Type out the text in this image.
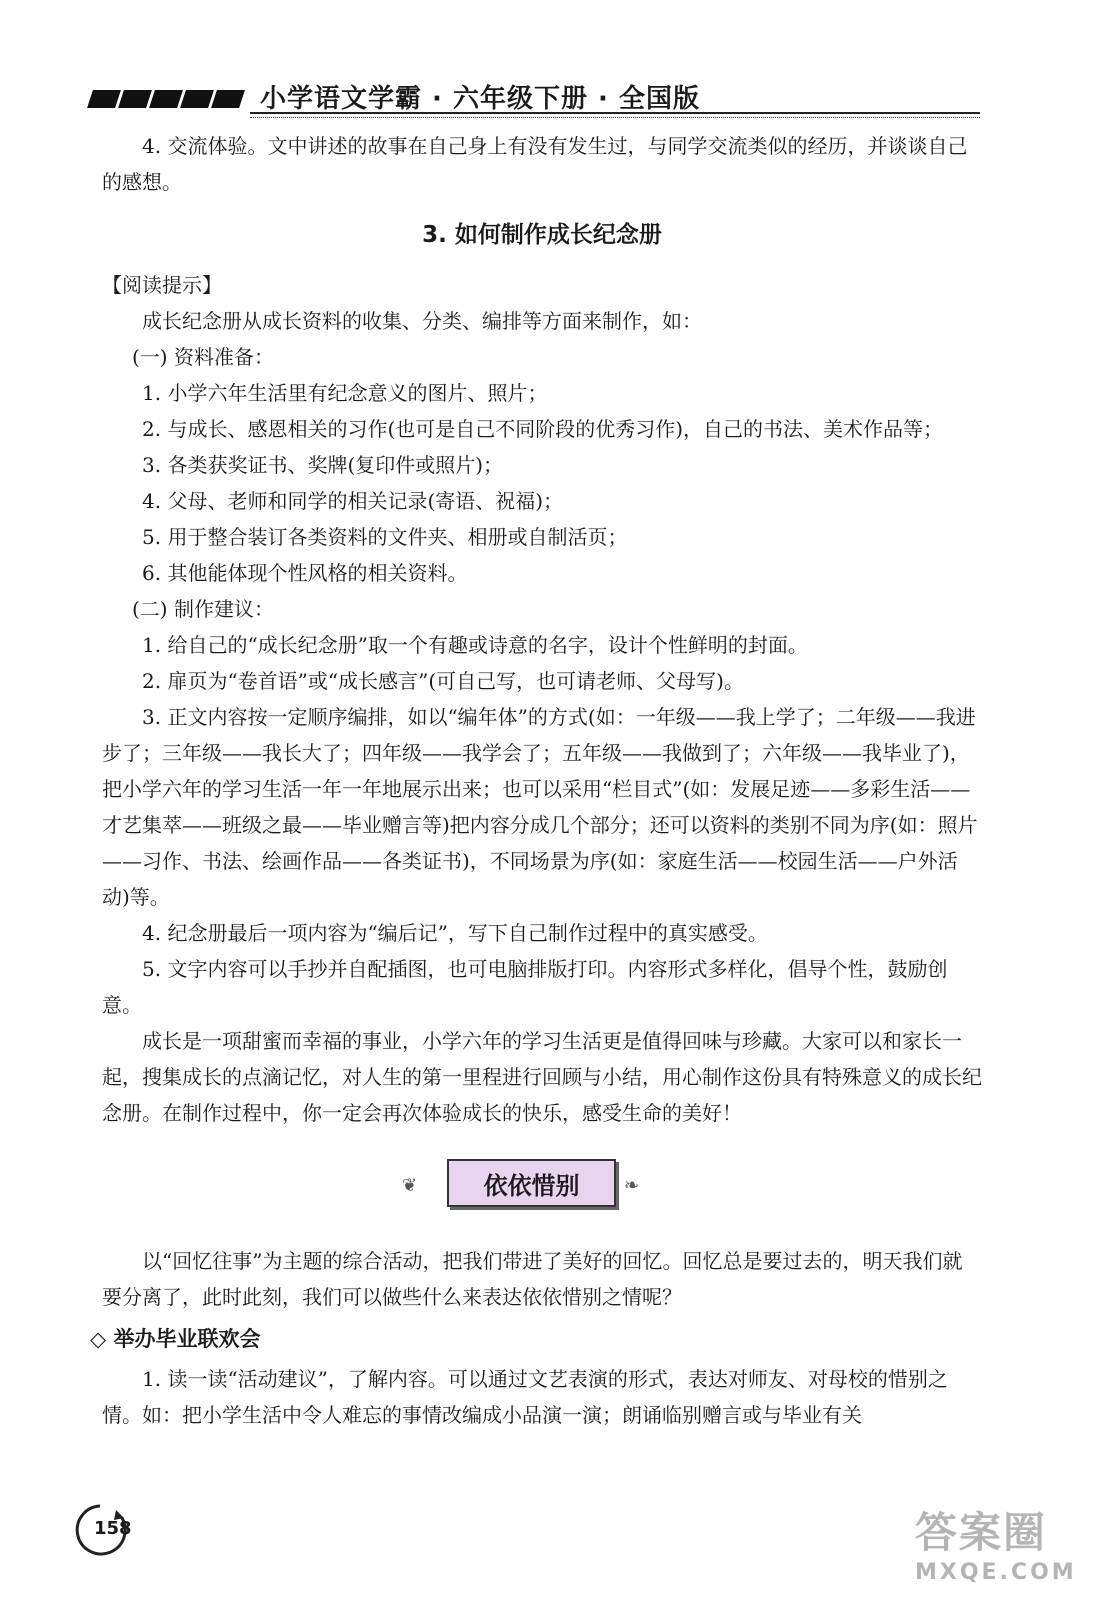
小学语文学霸 · 六年级下册 · 全国版

4. 交流体验。文中讲述的故事在自己身上有没有发生过，与同学交流类似的经历，并谈谈自己的感想。

3. 如何制作成长纪念册

【阅读提示】

成长纪念册从成长资料的收集、分类、编排等方面来制作，如：

(一) 资料准备：

1. 小学六年生活里有纪念意义的图片、照片；

2. 与成长、感恩相关的习作(也可是自己不同阶段的优秀习作)，自己的书法、美术作品等；

3. 各类获奖证书、奖牌(复印件或照片)；

4. 父母、老师和同学的相关记录(寄语、祝福)；

5. 用于整合装订各类资料的文件夹、相册或自制活页；

6. 其他能体现个性风格的相关资料。

(二) 制作建议：

1. 给自己的“成长纪念册”取一个有趣或诗意的名字，设计个性鲜明的封面。

2. 扉页为“卷首语”或“成长感言”(可自己写，也可请老师、父母写)。

3. 正文内容按一定顺序编排，如以“编年体”的方式(如：一年级——我上学了；二年级——我进步了；三年级——我长大了；四年级——我学会了；五年级——我做到了；六年级——我毕业了)，把小学六年的学习生活一年一年地展示出来；也可以采用“栏目式”(如：发展足迹——多彩生活——才艺集萃——班级之最——毕业赠言等)把内容分成几个部分；还可以资料的类别不同为序(如：照片——习作、书法、绘画作品——各类证书)，不同场景为序(如：家庭生活——校园生活——户外活动)等。

4. 纪念册最后一项内容为“编后记”，写下自己制作过程中的真实感受。

5. 文字内容可以手抄并自配插图，也可电脑排版打印。内容形式多样化，倡导个性，鼓励创意。

成长是一项甜蜜而幸福的事业，小学六年的学习生活更是值得回味与珍藏。大家可以和家长一起，搜集成长的点滴记忆，对人生的第一里程进行回顾与小结，用心制作这份具有特殊意义的成长纪念册。在制作过程中，你一定会再次体验成长的快乐，感受生命的美好！

❦	依依惜别	❧

以“回忆往事”为主题的综合活动，把我们带进了美好的回忆。回忆总是要过去的，明天我们就要分离了，此时此刻，我们可以做些什么来表达依依惜别之情呢？

◇ 举办毕业联欢会

1. 读一读“活动建议”，了解内容。可以通过文艺表演的形式，表达对师友、对母校的惜别之情。如：把小学生活中令人难忘的事情改编成小品演一演；朗诵临别赠言或与毕业有关

158	答案圈
MXQE.COM
